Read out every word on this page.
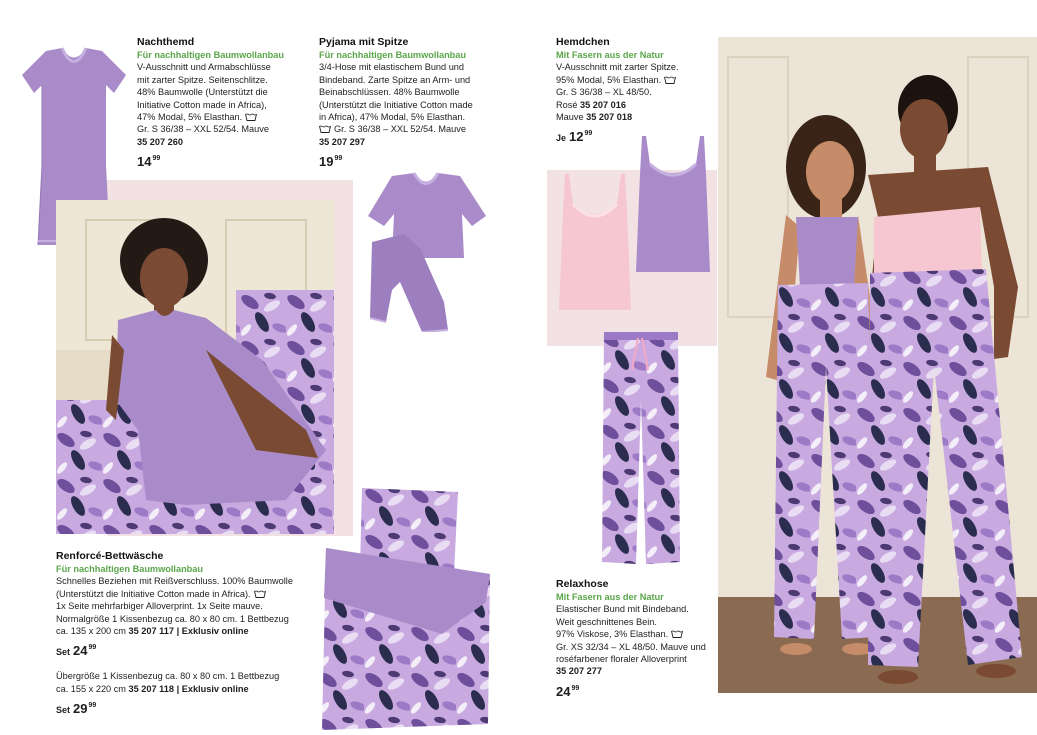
Nachthemd
Für nachhaltigen Baumwollanbau
V-Ausschnitt und Armabschlüsse
mit zarter Spitze. Seitenschlitze.
48% Baumwolle (Unterstützt die
Initiative Cotton made in Africa),
47% Modal, 5% Elasthan.
Gr. S 36/38 – XXL 52/54. Mauve
35 207 260
$14^{99}$
Pyjama mit Spitze
Für nachhaltigen Baumwollanbau
3/4-Hose mit elastischem Bund und
Bindeband. Zarte Spitze an Arm- und
Beinabschlüssen. 48% Baumwolle
(Unterstützt die Initiative Cotton made
in Africa), 47% Modal, 5% Elasthan.
Gr. S 36/38 – XXL 52/54. Mauve
35 207 297
$19^{99}$
Hemdchen
Mit Fasern aus der Natur
V-Ausschnitt mit zarter Spitze.
95% Modal, 5% Elasthan.
Gr. S 36/38 – XL 48/50.
Rosé 35 207 016
Mauve 35 207 018
Je $12^{99}$
Relaxhose
Mit Fasern aus der Natur
Elastischer Bund mit Bindeband.
Weit geschnittenes Bein.
97% Viskose, 3% Elasthan.
Gr. XS 32/34 – XL 48/50. Mauve und
roséfarbener floraler Alloverprint
35 207 277
$24^{99}$
Renforcé-Bettwäsche
Für nachhaltigen Baumwollanbau
Schnelles Beziehen mit Reißverschluss. 100% Baumwolle
(Unterstützt die Initiative Cotton made in Africa).
1x Seite mehrfarbiger Alloverprint. 1x Seite mauve.
Normalgröße 1 Kissenbezug ca. 80 x 80 cm. 1 Bettbezug
ca. 135 x 200 cm 35 207 117 | Exklusiv online
Set $24^{99}$
Übergröße 1 Kissenbezug ca. 80 x 80 cm. 1 Bettbezug
ca. 155 x 220 cm 35 207 118 | Exklusiv online
Set $29^{99}$
